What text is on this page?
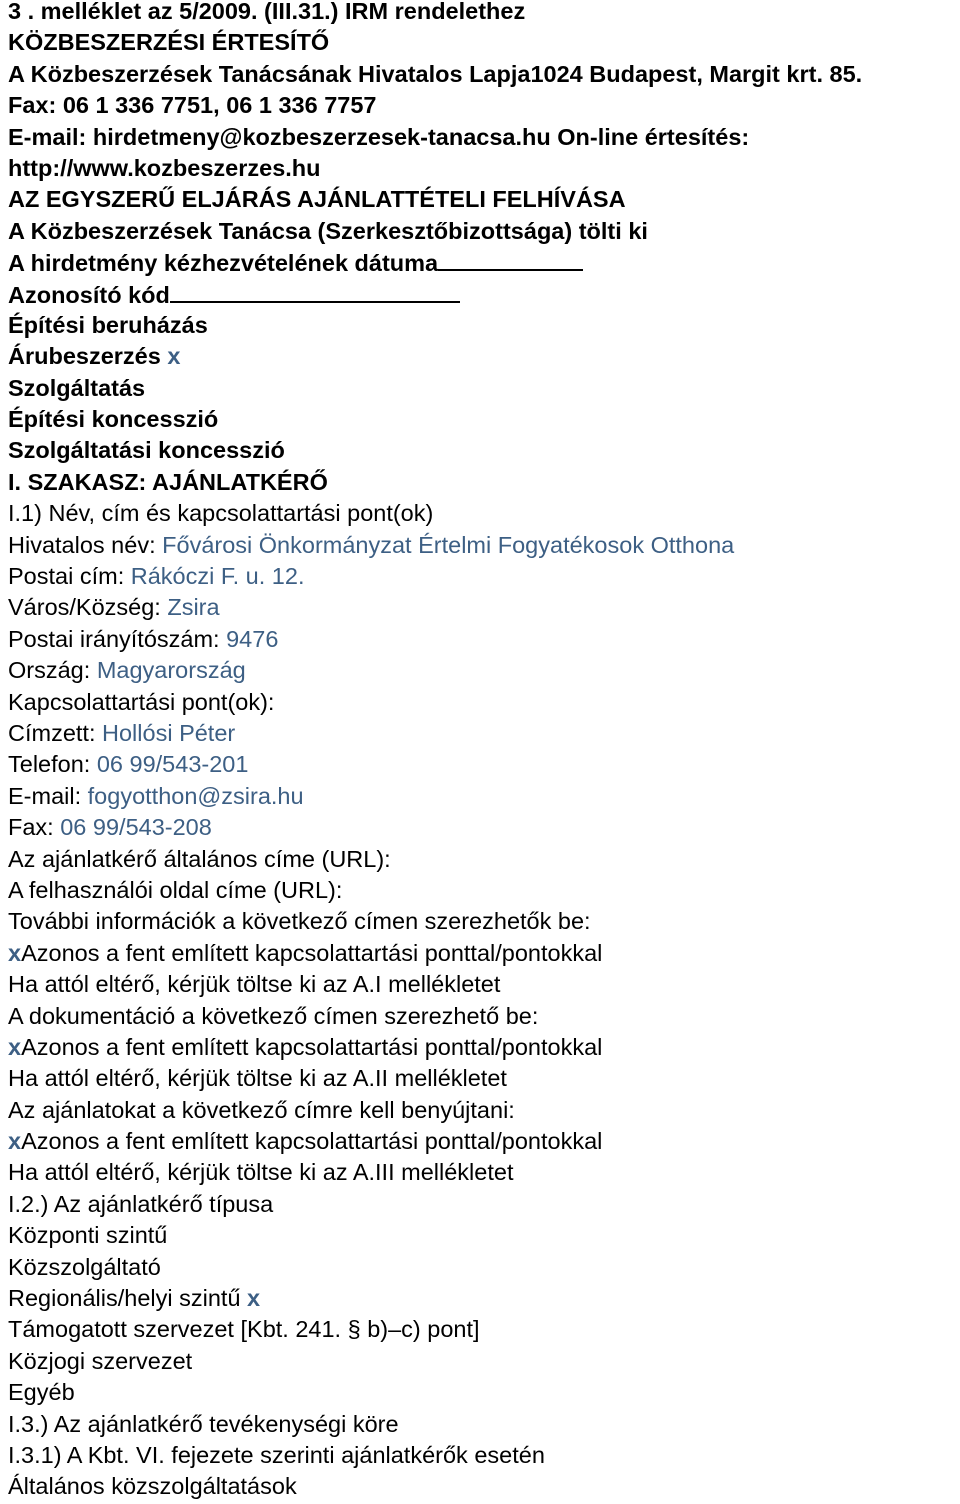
3 . melléklet az 5/2009. (III.31.) IRM rendelethez
KÖZBESZERZÉSI ÉRTESÍTŐ
A Közbeszerzések Tanácsának Hivatalos Lapja1024 Budapest, Margit krt. 85.
Fax: 06 1 336 7751, 06 1 336 7757
E-mail: hirdetmeny@kozbeszerzesek-tanacsa.hu On-line értesítés:
http://www.kozbeszerzes.hu
AZ EGYSZERŰ ELJÁRÁS AJÁNLATTÉTELI FELHÍVÁSA
A Közbeszerzések Tanácsa (Szerkesztőbizottsága) tölti ki
A hirdetmény kézhezvételének dátuma
Azonosító kód
Építési beruházás
Árubeszerzés x
Szolgáltatás
Építési koncesszió
Szolgáltatási koncesszió
I. SZAKASZ: AJÁNLATKÉRŐ
I.1) Név, cím és kapcsolattartási pont(ok)
Hivatalos név: Fővárosi Önkormányzat Értelmi Fogyatékosok Otthona
Postai cím: Rákóczi F. u. 12.
Város/Község: Zsira
Postai irányítószám: 9476
Ország: Magyarország
Kapcsolattartási pont(ok):
Címzett: Hollósi Péter
Telefon: 06 99/543-201
E-mail: fogyotthon@zsira.hu
Fax: 06 99/543-208
Az ajánlatkérő általános címe (URL):
A felhasználói oldal címe (URL):
További információk a következő címen szerezhetők be:
xAzonos a fent említett kapcsolattartási ponttal/pontokkal
Ha attól eltérő, kérjük töltse ki az A.I mellékletet
A dokumentáció a következő címen szerezhető be:
xAzonos a fent említett kapcsolattartási ponttal/pontokkal
Ha attól eltérő, kérjük töltse ki az A.II mellékletet
Az ajánlatokat a következő címre kell benyújtani:
xAzonos a fent említett kapcsolattartási ponttal/pontokkal
Ha attól eltérő, kérjük töltse ki az A.III mellékletet
I.2.) Az ajánlatkérő típusa
Központi szintű
Közszolgáltató
Regionális/helyi szintű x
Támogatott szervezet [Kbt. 241. § b)–c) pont]
Közjogi szervezet
Egyéb
I.3.) Az ajánlatkérő tevékenységi köre
I.3.1) A Kbt. VI. fejezete szerinti ajánlatkérők esetén
Általános közszolgáltatások
